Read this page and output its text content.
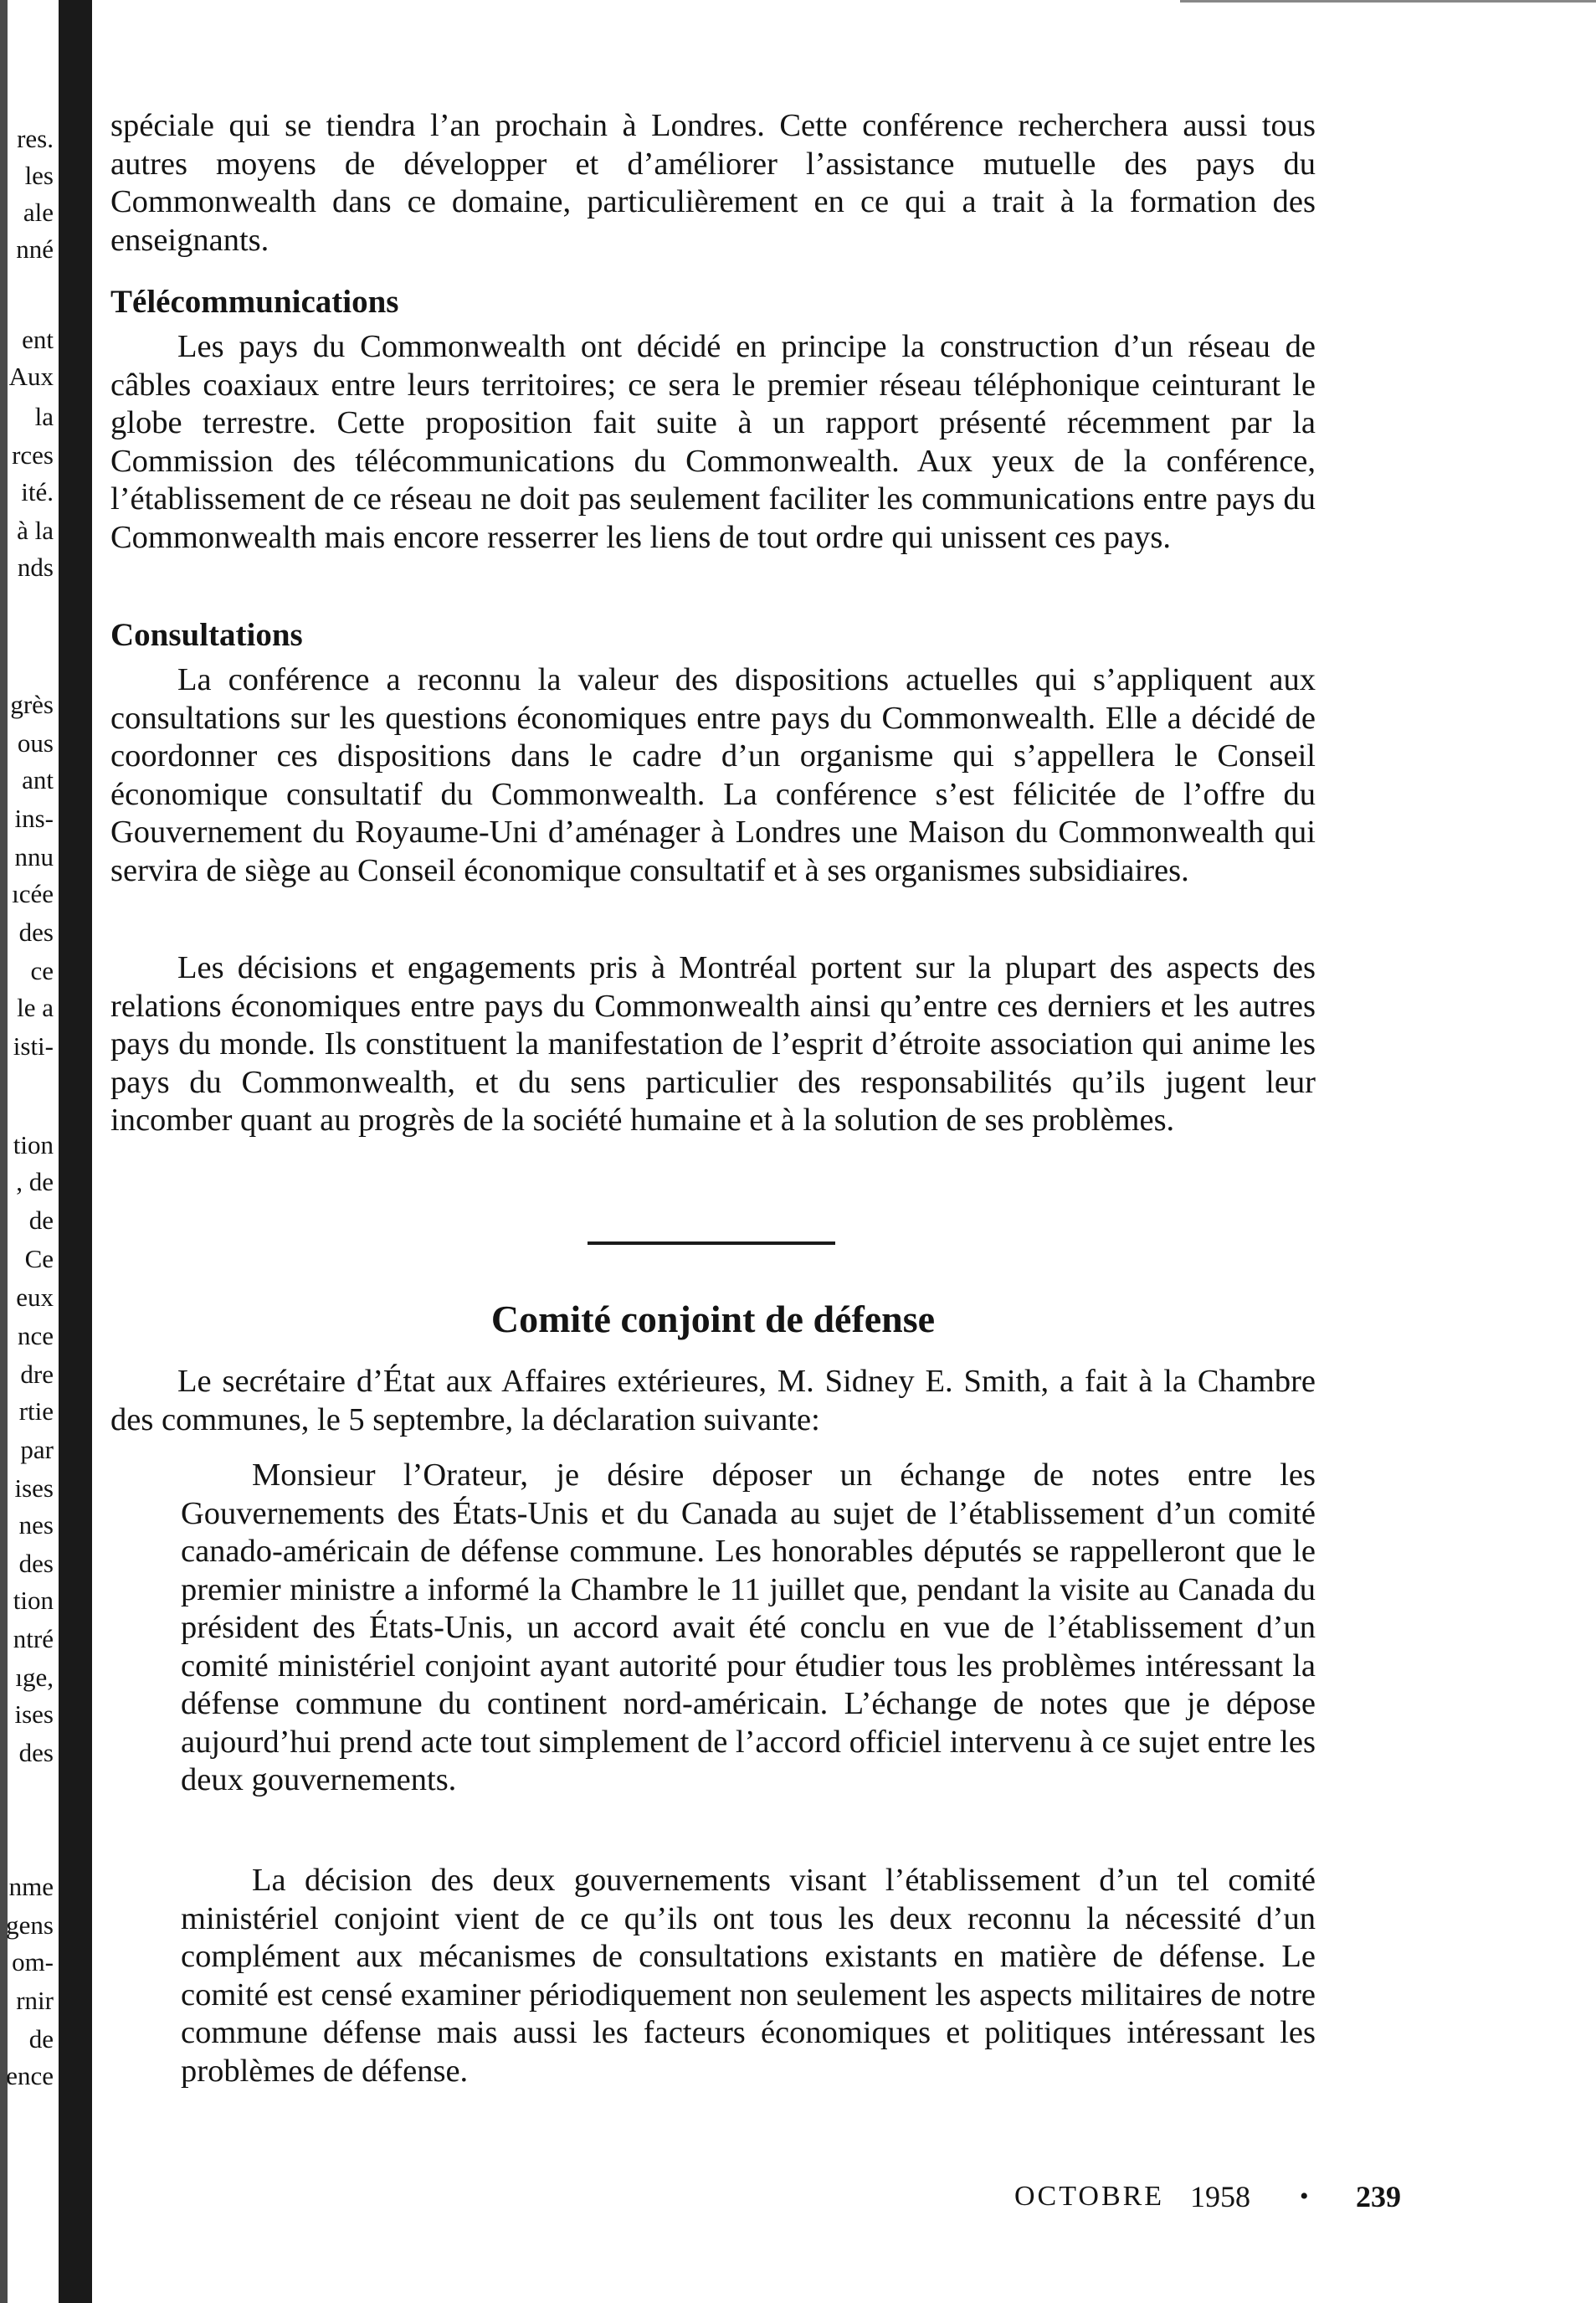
res.
les
ale
nné
ent
Aux
la
rces
ité.
à la
nds
grès
ous
ant
ins-
nnu
ıcée
des
ce
le a
isti-
tion
, de
de
Ce
eux
nce
dre
rtie
par
ises
nes
des
tion
ntré
ıge,
ises
des
nme
gens
om-
rnir
de
ence

spéciale qui se tiendra l’an prochain à Londres. Cette conférence recherchera aussi tous autres moyens de développer et d’améliorer l’assistance mutuelle des pays du Commonwealth dans ce domaine, particulièrement en ce qui a trait à la formation des enseignants.

Télécommunications

Les pays du Commonwealth ont décidé en principe la construction d’un réseau de câbles coaxiaux entre leurs territoires; ce sera le premier réseau téléphonique ceinturant le globe terrestre. Cette proposition fait suite à un rapport présenté récemment par la Commission des télécommunications du Commonwealth. Aux yeux de la conférence, l’établissement de ce réseau ne doit pas seulement faciliter les communications entre pays du Commonwealth mais encore resserrer les liens de tout ordre qui unissent ces pays.

Consultations

La conférence a reconnu la valeur des dispositions actuelles qui s’appliquent aux consultations sur les questions économiques entre pays du Commonwealth. Elle a décidé de coordonner ces dispositions dans le cadre d’un organisme qui s’appellera le Conseil économique consultatif du Commonwealth. La conférence s’est félicitée de l’offre du Gouvernement du Royaume-Uni d’aménager à Londres une Maison du Commonwealth qui servira de siège au Conseil économique consultatif et à ses organismes subsidiaires.

Les décisions et engagements pris à Montréal portent sur la plupart des aspects des relations économiques entre pays du Commonwealth ainsi qu’entre ces derniers et les autres pays du monde. Ils constituent la manifestation de l’esprit d’étroite association qui anime les pays du Commonwealth, et du sens particulier des responsabilités qu’ils jugent leur incomber quant au progrès de la société humaine et à la solution de ses problèmes.

Comité conjoint de défense

Le secrétaire d’État aux Affaires extérieures, M. Sidney E. Smith, a fait à la Chambre des communes, le 5 septembre, la déclaration suivante:

Monsieur l’Orateur, je désire déposer un échange de notes entre les Gouvernements des États-Unis et du Canada au sujet de l’établissement d’un comité canado-américain de défense commune. Les honorables députés se rappelleront que le premier ministre a informé la Chambre le 11 juillet que, pendant la visite au Canada du président des États-Unis, un accord avait été conclu en vue de l’établissement d’un comité ministériel conjoint ayant autorité pour étudier tous les problèmes intéressant la défense commune du continent nord-américain. L’échange de notes que je dépose aujourd’hui prend acte tout simplement de l’accord officiel intervenu à ce sujet entre les deux gouvernements.

La décision des deux gouvernements visant l’établissement d’un tel comité ministériel conjoint vient de ce qu’ils ont tous les deux reconnu la nécessité d’un complément aux mécanismes de consultations existants en matière de défense. Le comité est censé examiner périodiquement non seulement les aspects militaires de notre commune défense mais aussi les facteurs économiques et politiques intéressant les problèmes de défense.

OCTOBRE 1958 • 239
